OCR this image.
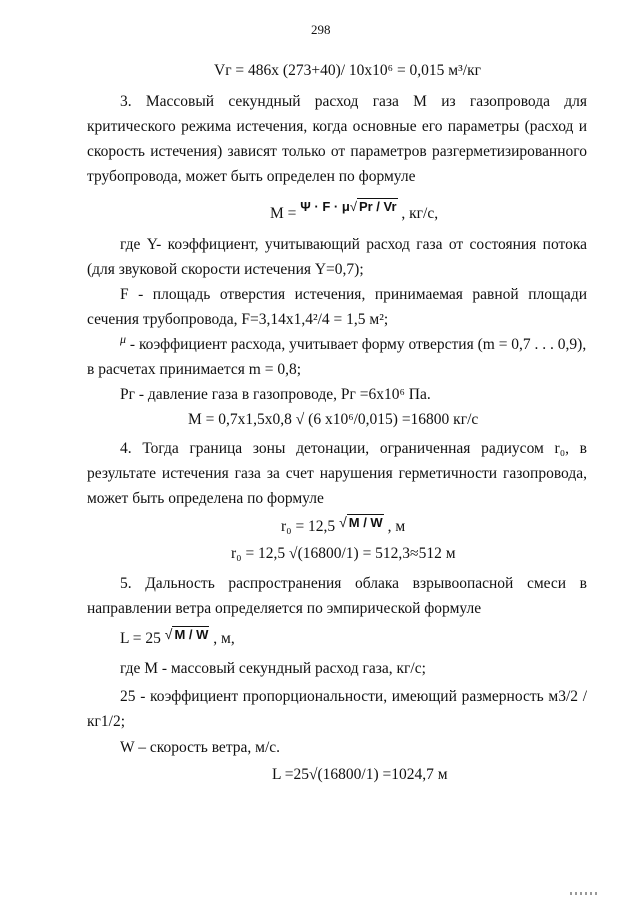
298
Vг = 486х (273+40)/ 10х10⁶ = 0,015 м³/кг
3. Массовый секундный расход газа М из газопровода для
критического режима истечения, когда основные его параметры (расход и
скорость истечения) зависят только от параметров разгерметизированного
трубопровода, может быть определен по формуле
M = Ψ · F · μ√ Pr / Vr , кг/с,
где Y- коэффициент, учитывающий расход газа от состояния потока
(для звуковой скорости истечения Y=0,7);
F - площадь отверстия истечения, принимаемая равной площади
сечения трубопровода, F=3,14х1,4²/4 = 1,5 м²;
$^\mu$ - коэффициент расхода, учитывает форму отверстия (m = 0,7 . . . 0,9),
в расчетах принимается m = 0,8;
Pг - давление газа в газопроводе, Рг =6х10⁶ Па.
М = 0,7х1,5х0,8 √ (6 х10⁶/0,015) =16800 кг/с
4. Тогда граница зоны детонации, ограниченная радиусом r₀, в
результате истечения газа за счет нарушения герметичности газопровода,
может быть определена по формуле
r₀ = 12,5 √ M / W , м
r₀ = 12,5 √(16800/1) = 512,3≈512 м
5. Дальность распространения облака взрывоопасной смеси в
направлении ветра определяется по эмпирической формуле
L = 25 √ M / W , м,
где М - массовый секундный расход газа, кг/с;
25 - коэффициент пропорциональности, имеющий размерность м3/2 /
кг1/2;
W – скорость ветра, м/с.
L =25√(16800/1) =1024,7 м
